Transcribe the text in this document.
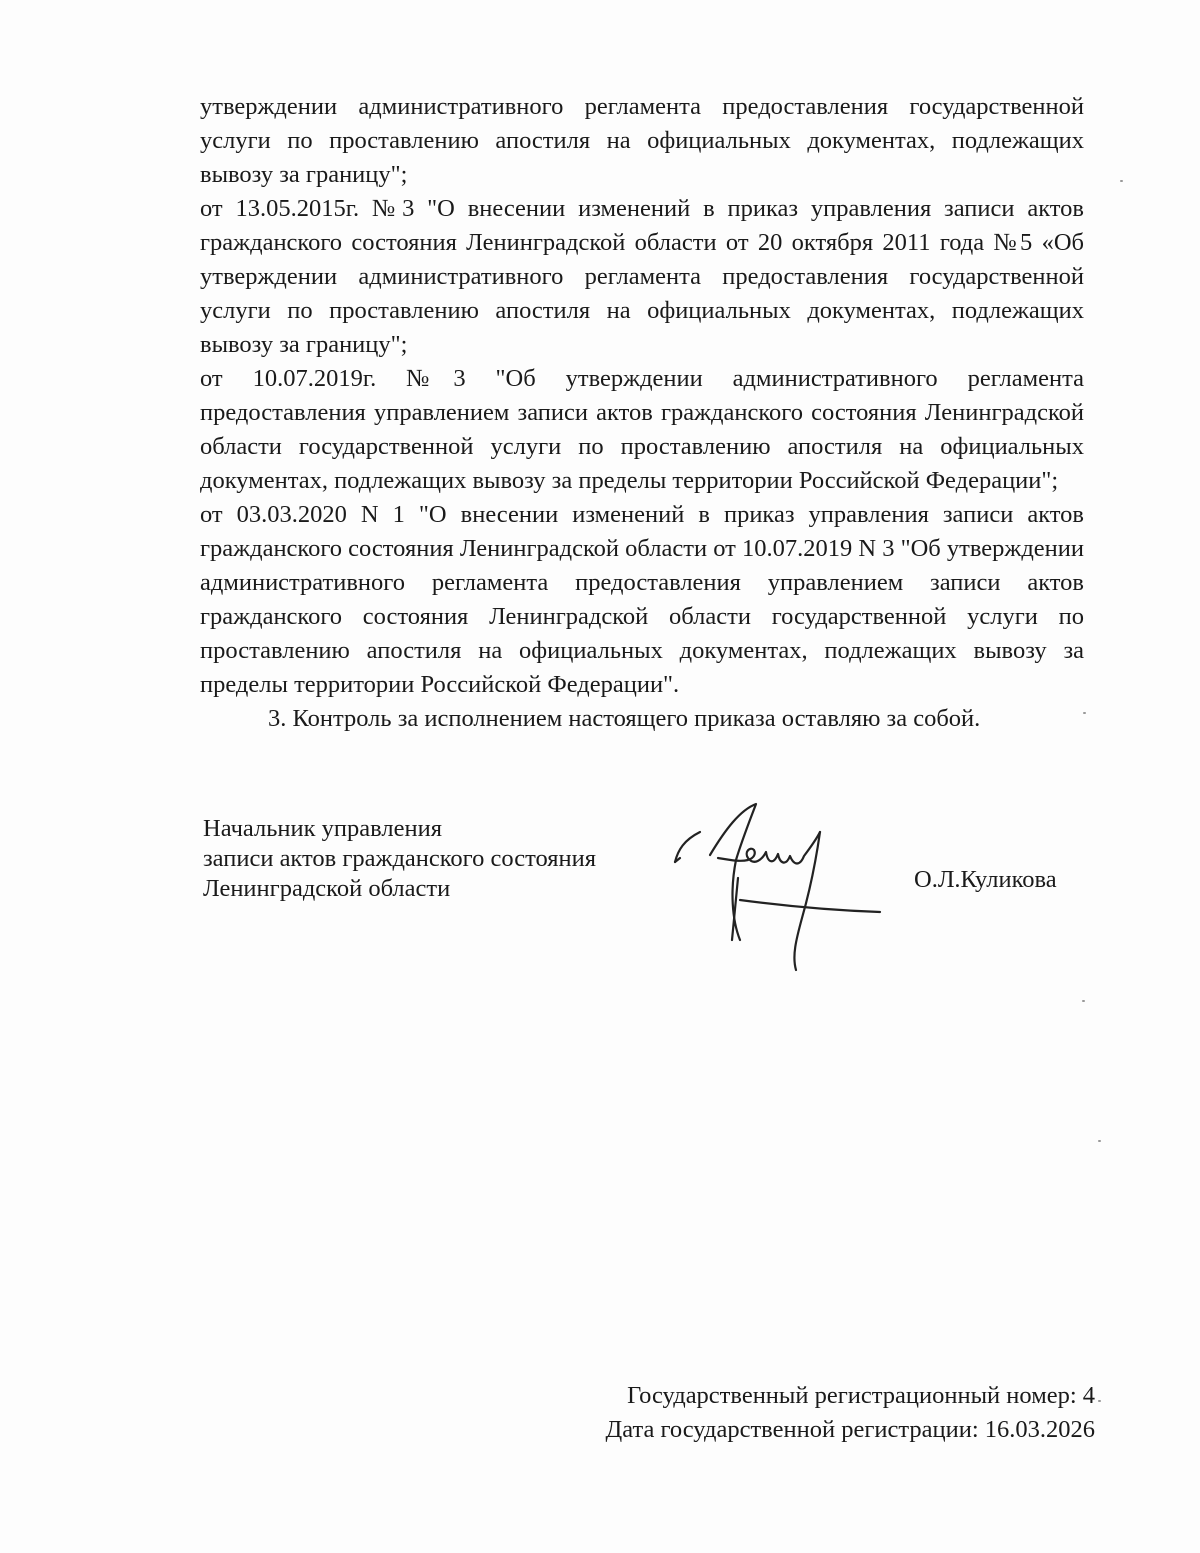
утверждении административного регламента предоставления государственной услуги по проставлению апостиля на официальных документах, подлежащих вывозу за границу";

от 13.05.2015г. №3 "О внесении изменений в приказ управления записи актов гражданского состояния Ленинградской области от 20 октября 2011 года №5 «Об утверждении административного регламента предоставления государственной услуги по проставлению апостиля на официальных документах, подлежащих вывозу за границу";

от 10.07.2019г. №3 "Об утверждении административного регламента предоставления управлением записи актов гражданского состояния Ленинградской области государственной услуги по проставлению апостиля на официальных документах, подлежащих вывозу за пределы территории Российской Федерации";

от 03.03.2020 N 1 "О внесении изменений в приказ управления записи актов гражданского состояния Ленинградской области от 10.07.2019 N 3 "Об утверждении административного регламента предоставления управлением записи актов гражданского состояния Ленинградской области государственной услуги по проставлению апостиля на официальных документах, подлежащих вывозу за пределы территории Российской Федерации".

3. Контроль за исполнением настоящего приказа оставляю за собой.

Начальник управления
записи актов гражданского состояния
Ленинградской области	О.Л.Куликова
Государственный регистрационный номер: 4
Дата государственной регистрации: 16.03.2026
